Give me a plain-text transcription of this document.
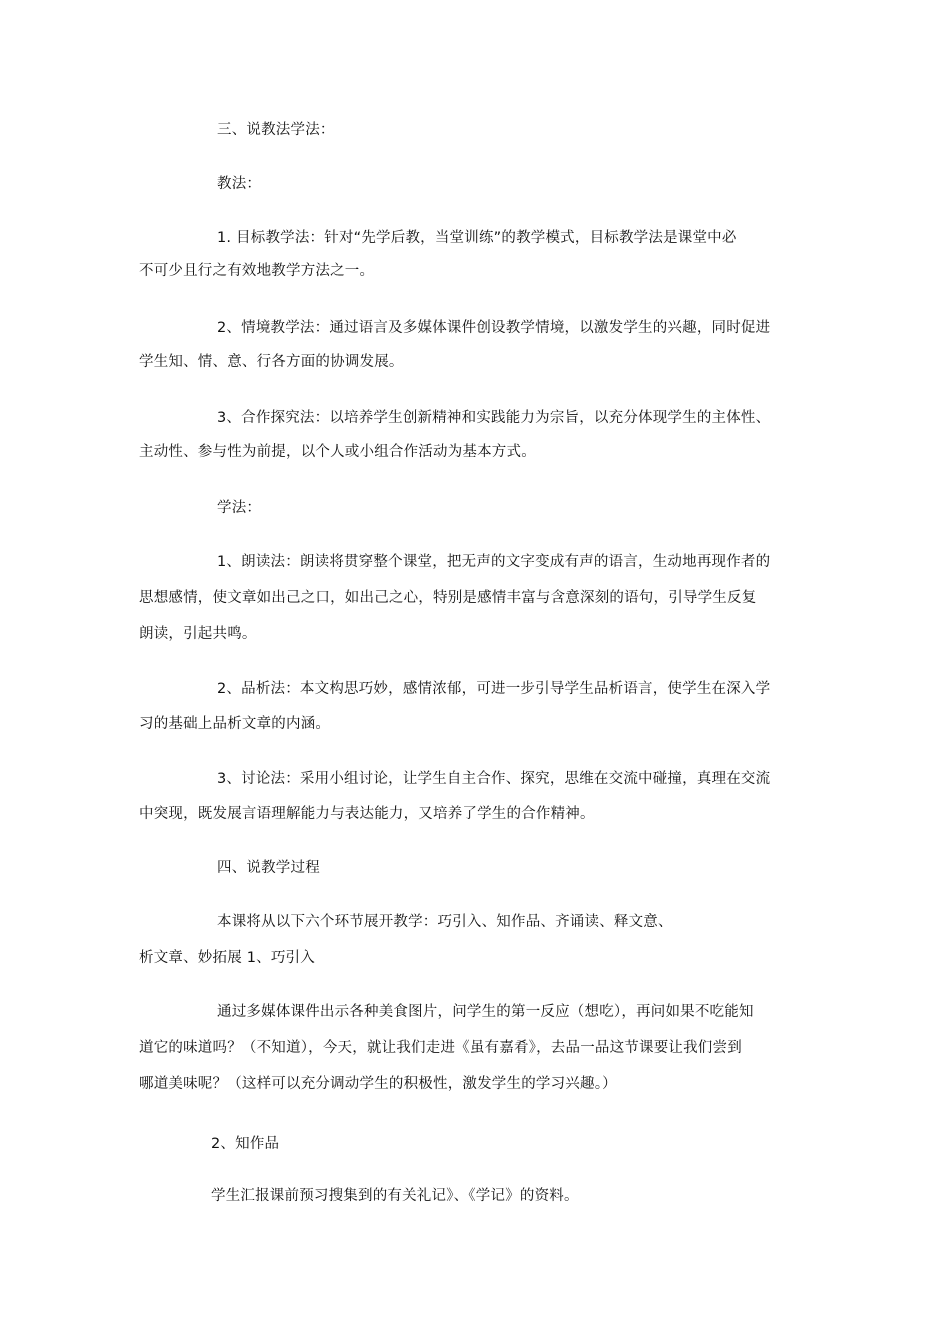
三、说教法学法：

教法：

1. 目标教学法：针对“先学后教，当堂训练”的教学模式，目标教学法是课堂中必

不可少且行之有效地教学方法之一。

2、情境教学法：通过语言及多媒体课件创设教学情境，以激发学生的兴趣，同时促进

学生知、情、意、行各方面的协调发展。

3、合作探究法：以培养学生创新精神和实践能力为宗旨，以充分体现学生的主体性、

主动性、参与性为前提，以个人或小组合作活动为基本方式。

学法：

1、朗读法：朗读将贯穿整个课堂，把无声的文字变成有声的语言，生动地再现作者的

思想感情，使文章如出己之口，如出己之心，特别是感情丰富与含意深刻的语句，引导学生反复

朗读，引起共鸣。

2、品析法：本文构思巧妙，感情浓郁，可进一步引导学生品析语言，使学生在深入学

习的基础上品析文章的内涵。

3、讨论法：采用小组讨论，让学生自主合作、探究，思维在交流中碰撞，真理在交流

中突现，既发展言语理解能力与表达能力，又培养了学生的合作精神。

四、说教学过程

本课将从以下六个环节展开教学：巧引入、知作品、齐诵读、释文意、

析文章、妙拓展 1、巧引入

通过多媒体课件出示各种美食图片，问学生的第一反应（想吃），再问如果不吃能知

道它的味道吗？（不知道），今天，就让我们走进《虽有嘉肴》，去品一品这节课要让我们尝到

哪道美味呢？（这样可以充分调动学生的积极性，激发学生的学习兴趣。）

2、知作品

学生汇报课前预习搜集到的有关礼记》、《学记》的资料。
